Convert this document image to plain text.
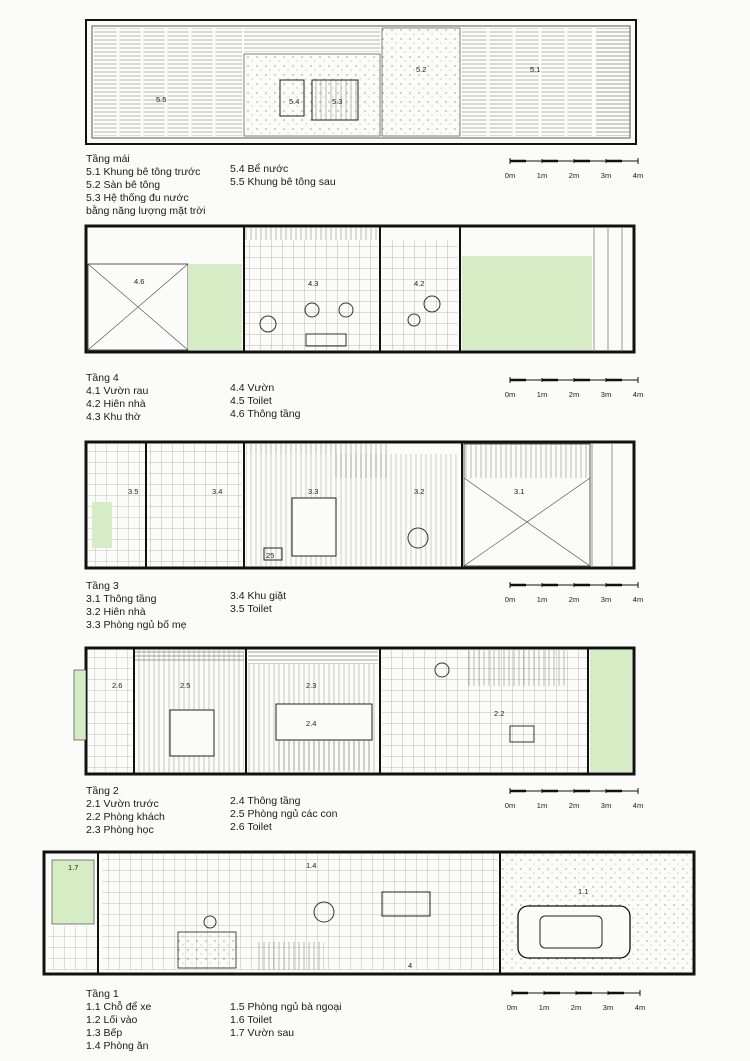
5.5	5.4	5.3
5.2	5.1
Tầng mái
5.1 Khung bê tông trước
5.2 Sàn bê tông
5.3 Hệ thống đu nước
bằng năng lượng mặt trời
5.4 Bể nước
5.5 Khung bê tông sau
0m	1m	2m	3m	4m
4.6	4.3	4.2
Tầng 4
4.1 Vườn rau
4.2 Hiên nhà
4.3 Khu thờ
4.4 Vườn
4.5 Toilet
4.6 Thông tầng
0m	1m	2m	3m	4m
3.5	3.4	3.3	3.2	3.1
25
Tầng 3
3.1 Thông tầng
3.2 Hiên nhà
3.3 Phòng ngủ bố mẹ
3.4 Khu giặt
3.5 Toilet
0m	1m	2m	3m	4m
2.6	2.5	2.3
2.4
2.2
Tầng 2
2.1 Vườn trước
2.2 Phòng khách
2.3 Phòng học
2.4 Thông tầng
2.5 Phòng ngủ các con
2.6 Toilet
0m	1m	2m	3m	4m
1.7	1.4
1.1
4
Tầng 1
1.1 Chỗ để xe
1.2 Lối vào
1.3 Bếp
1.4 Phòng ăn
1.5 Phòng ngủ bà ngoại
1.6 Toilet
1.7 Vườn sau
0m	1m	2m	3m	4m
